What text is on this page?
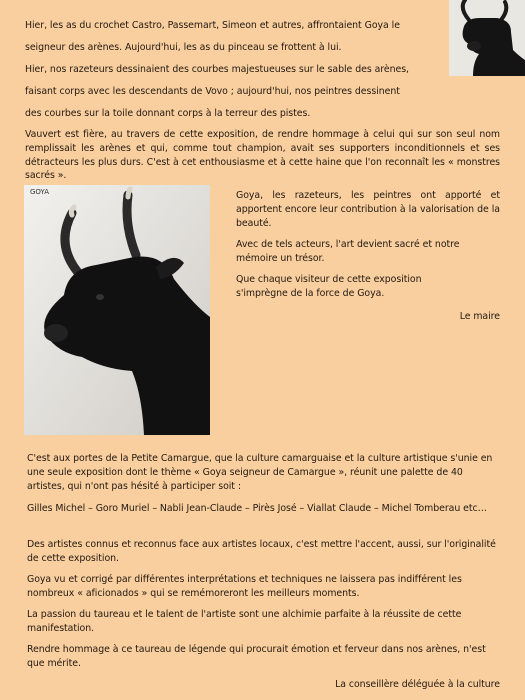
Hier, les as du crochet Castro, Passemart, Simeon et autres, affrontaient Goya le

seigneur des arènes. Aujourd'hui, les as du pinceau se frottent à lui.

Hier, nos razeteurs dessinaient des courbes majestueuses sur le sable des arènes,

faisant corps avec les descendants de Vovo ; aujourd'hui, nos peintres dessinent

des courbes sur la toile donnant corps à la terreur des pistes.

Vauvert est fière, au travers de cette exposition, de rendre hommage à celui qui sur son seul nom remplissait les arènes et qui, comme tout champion, avait ses supporters inconditionnels et ses détracteurs les plus durs. C'est à cet enthousiasme et à cette haine que l'on reconnaît les « monstres sacrés ».

GOYA	Goya, les razeteurs, les peintres ont apporté et apportent encore leur contribution à la valorisation de la beauté.

Avec de tels acteurs, l'art devient sacré et notre mémoire un trésor.

Que chaque visiteur de cette exposition s'imprègne de la force de Goya.

Le maire

C'est aux portes de la Petite Camargue, que la culture camarguaise et la culture artistique s'unie en une seule exposition dont le thème « Goya seigneur de Camargue », réunit une palette de 40 artistes, qui n'ont pas hésité à participer soit :

Gilles Michel – Goro Muriel – Nabli Jean-Claude – Pirès José – Viallat Claude – Michel Tomberau etc…

Des artistes connus et reconnus face aux artistes locaux, c'est mettre l'accent, aussi, sur l'originalité de cette exposition.

Goya vu et corrigé par différentes interprétations et techniques ne laissera pas indifférent les nombreux « aficionados » qui se remémoreront les meilleurs moments.

La passion du taureau et le talent de l'artiste sont une alchimie parfaite à la réussite de cette manifestation.

Rendre hommage à ce taureau de légende qui procurait émotion et ferveur dans nos arènes, n'est que mérite.

La conseillère déléguée à la culture
